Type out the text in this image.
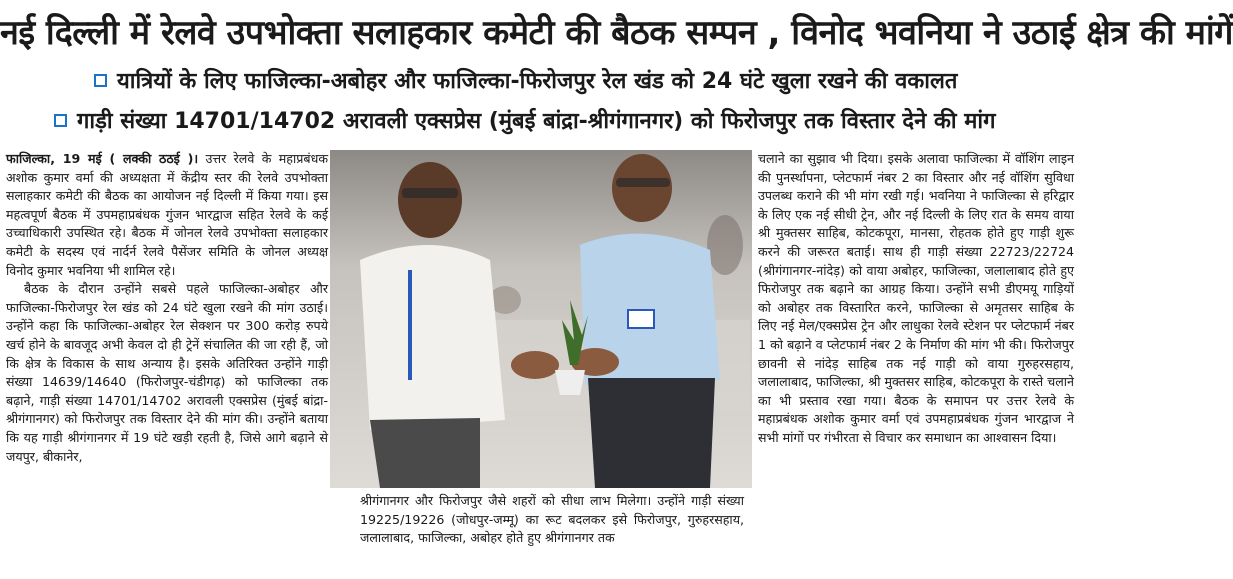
नई दिल्ली में रेलवे उपभोक्ता सलाहकार कमेटी की बैठक सम्पन , विनोद भवनिया ने उठाई क्षेत्र की मांगें
यात्रियों के लिए फाजिल्का-अबोहर और फाजिल्का-फिरोजपुर रेल खंड को 24 घंटे खुला रखने की वकालत
गाड़ी संख्या 14701/14702 अरावली एक्सप्रेस (मुंबई बांद्रा-श्रीगंगानगर) को फिरोजपुर तक विस्तार देने की मांग

फाजिल्का, 19 मई ( लक्की ठठई )। उत्तर रेलवे के महाप्रबंधक अशोक कुमार वर्मा की अध्यक्षता में केंद्रीय स्तर की रेलवे उपभोक्ता सलाहकार कमेटी की बैठक का आयोजन नई दिल्ली में किया गया। इस महत्वपूर्ण बैठक में उपमहाप्रबंधक गुंजन भारद्वाज सहित रेलवे के कई उच्चाधिकारी उपस्थित रहे। बैठक में जोनल रेलवे उपभोक्ता सलाहकार कमेटी के सदस्य एवं नार्दर्न रेलवे पैसेंजर समिति के जोनल अध्यक्ष विनोद कुमार भवनिया भी शामिल रहे।

बैठक के दौरान उन्होंने सबसे पहले फाजिल्का-अबोहर और फाजिल्का-फिरोजपुर रेल खंड को 24 घंटे खुला रखने की मांग उठाई। उन्होंने कहा कि फाजिल्का-अबोहर रेल सेक्शन पर 300 करोड़ रुपये खर्च होने के बावजूद अभी केवल दो ही ट्रेनें संचालित की जा रही हैं, जो कि क्षेत्र के विकास के साथ अन्याय है। इसके अतिरिक्त उन्होंने गाड़ी संख्या 14639/14640 (फिरोजपुर-चंडीगढ़) को फाजिल्का तक बढ़ाने, गाड़ी संख्या 14701/14702 अरावली एक्सप्रेस (मुंबई बांद्रा-श्रीगंगानगर) को फिरोजपुर तक विस्तार देने की मांग की। उन्होंने बताया कि यह गाड़ी श्रीगंगानगर में 19 घंटे खड़ी रहती है, जिसे आगे बढ़ाने से जयपुर, बीकानेर,

श्रीगंगानगर और फिरोजपुर जैसे शहरों को सीधा लाभ मिलेगा। उन्होंने गाड़ी संख्या 19225/19226 (जोधपुर-जम्मू) का रूट बदलकर इसे फिरोजपुर, गुरुहरसहाय, जलालाबाद, फाजिल्का, अबोहर होते हुए श्रीगंगानगर तक
चलाने का सुझाव भी दिया। इसके अलावा फाजिल्का में वॉशिंग लाइन की पुनर्स्थापना, प्लेटफार्म नंबर 2 का विस्तार और नई वॉशिंग सुविधा उपलब्ध कराने की भी मांग रखी गई। भवनिया ने फाजिल्का से हरिद्वार के लिए एक नई सीधी ट्रेन, और नई दिल्ली के लिए रात के समय वाया श्री मुक्तसर साहिब, कोटकपूरा, मानसा, रोहतक होते हुए गाड़ी शुरू करने की जरूरत बताई। साथ ही गाड़ी संख्या 22723/22724 (श्रीगंगानगर-नांदेड़) को वाया अबोहर, फाजिल्का, जलालाबाद होते हुए फिरोजपुर तक बढ़ाने का आग्रह किया। उन्होंने सभी डीएमयू गाड़ियों को अबोहर तक विस्तारित करने, फाजिल्का से अमृतसर साहिब के लिए नई मेल/एक्सप्रेस ट्रेन और लाधुका रेलवे स्टेशन पर प्लेटफार्म नंबर 1 को बढ़ाने व प्लेटफार्म नंबर 2 के निर्माण की मांग भी की। फिरोजपुर छावनी से नांदेड़ साहिब तक नई गाड़ी को वाया गुरुहरसहाय, जलालाबाद, फाजिल्का, श्री मुक्तसर साहिब, कोटकपूरा के रास्ते चलाने का भी प्रस्ताव रखा गया। बैठक के समापन पर उत्तर रेलवे के महाप्रबंधक अशोक कुमार वर्मा एवं उपमहाप्रबंधक गुंजन भारद्वाज ने सभी मांगों पर गंभीरता से विचार कर समाधान का आश्वासन दिया।
